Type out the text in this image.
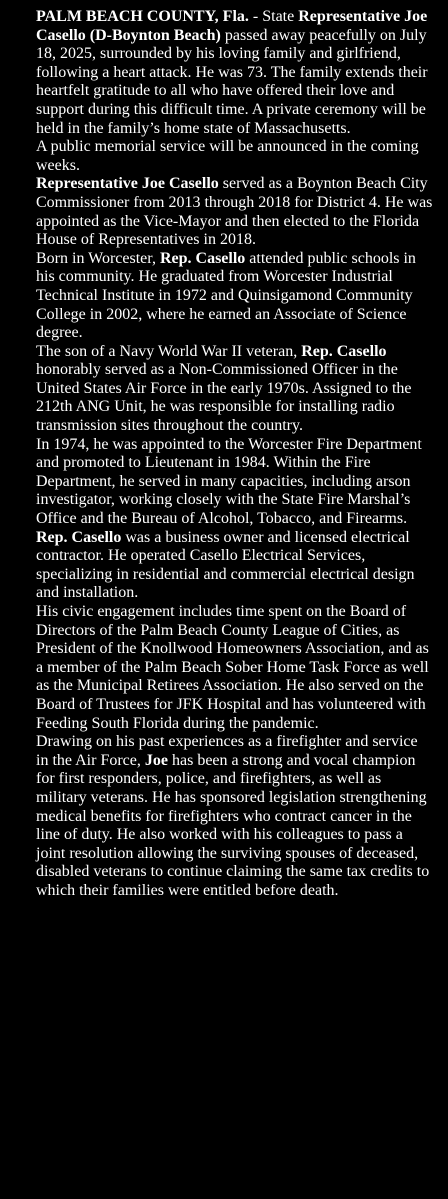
PALM BEACH COUNTY, Fla. - State Representative Joe Casello (D-Boynton Beach) passed away peacefully on July 18, 2025, surrounded by his loving family and girlfriend, following a heart attack. He was 73. The family extends their heartfelt gratitude to all who have offered their love and support during this difficult time. A private ceremony will be held in the family’s home state of Massachusetts.

A public memorial service will be announced in the coming weeks.

Representative Joe Casello served as a Boynton Beach City Commissioner from 2013 through 2018 for District 4. He was appointed as the Vice-Mayor and then elected to the Florida House of Representatives in 2018.

Born in Worcester, Rep. Casello attended public schools in his community. He graduated from Worcester Industrial Technical Institute in 1972 and Quinsigamond Community College in 2002, where he earned an Associate of Science degree.

The son of a Navy World War II veteran, Rep. Casello honorably served as a Non-Commissioned Officer in the United States Air Force in the early 1970s. Assigned to the 212th ANG Unit, he was responsible for installing radio transmission sites throughout the country.

In 1974, he was appointed to the Worcester Fire Department and promoted to Lieutenant in 1984. Within the Fire Department, he served in many capacities, including arson investigator, working closely with the State Fire Marshal’s Office and the Bureau of Alcohol, Tobacco, and Firearms.

Rep. Casello was a business owner and licensed electrical contractor. He operated Casello Electrical Services, specializing in residential and commercial electrical design and installation.

His civic engagement includes time spent on the Board of Directors of the Palm Beach County League of Cities, as President of the Knollwood Homeowners Association, and as a member of the Palm Beach Sober Home Task Force as well as the Municipal Retirees Association. He also served on the Board of Trustees for JFK Hospital and has volunteered with Feeding South Florida during the pandemic.

Drawing on his past experiences as a firefighter and service in the Air Force, Joe has been a strong and vocal champion for first responders, police, and firefighters, as well as military veterans. He has sponsored legislation strengthening medical benefits for firefighters who contract cancer in the line of duty. He also worked with his colleagues to pass a joint resolution allowing the surviving spouses of deceased, disabled veterans to continue claiming the same tax credits to which their families were entitled before death.
